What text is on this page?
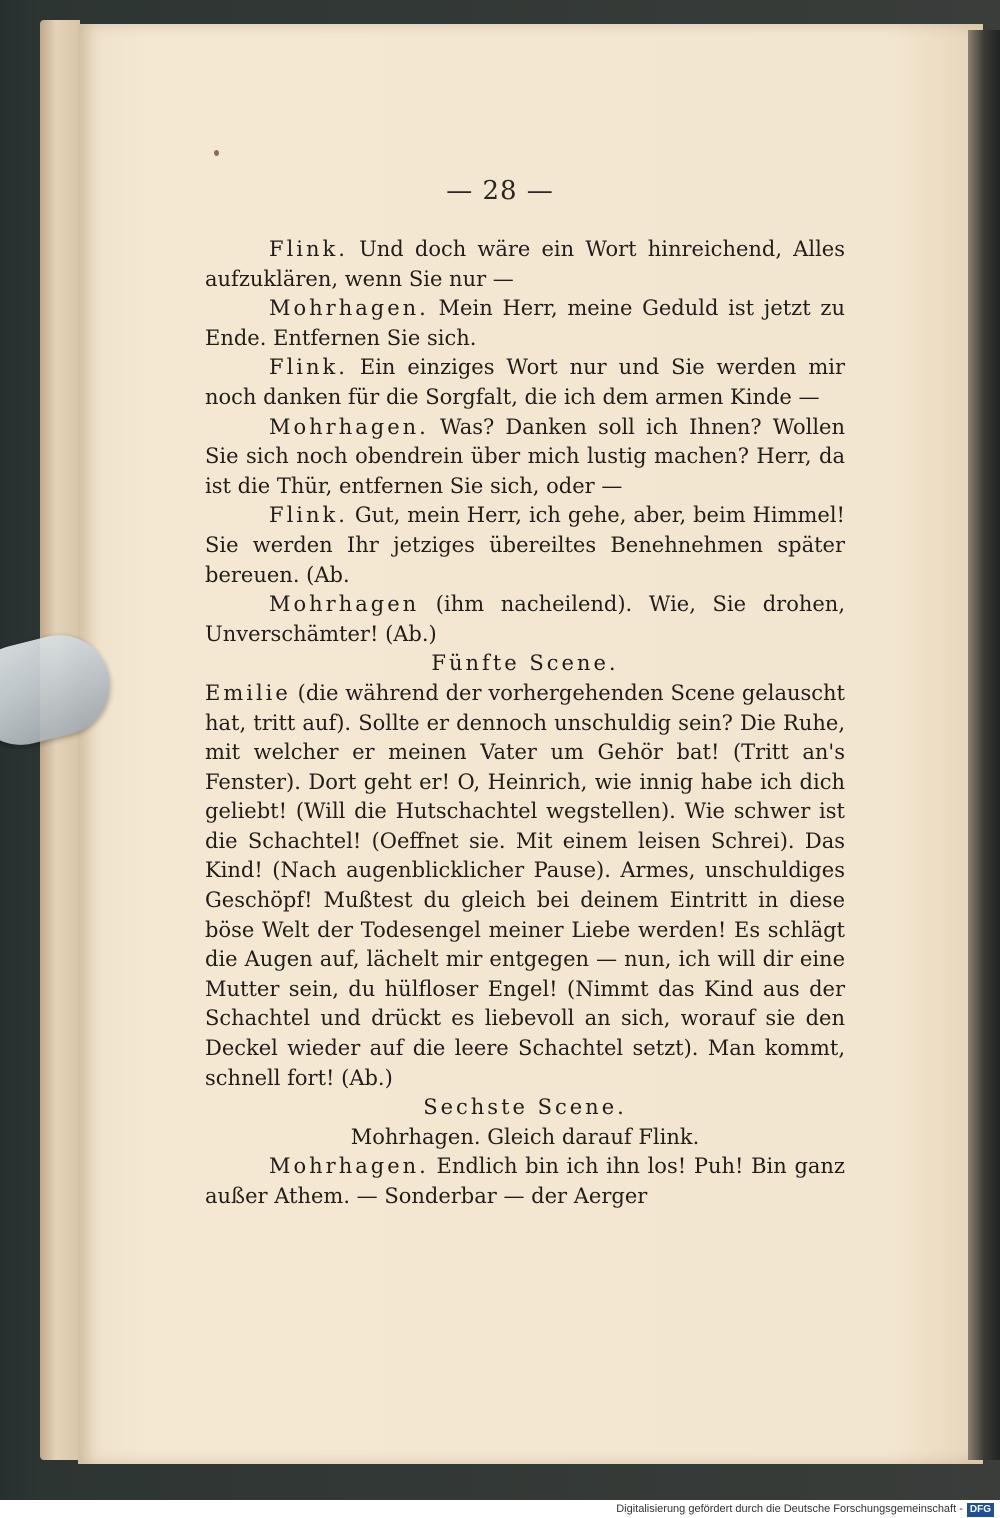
— 28 —

Flink. Und doch wäre ein Wort hinreichend, Alles aufzuklären, wenn Sie nur —

Mohrhagen. Mein Herr, meine Geduld ist jetzt zu Ende. Entfernen Sie sich.

Flink. Ein einziges Wort nur und Sie werden mir noch danken für die Sorgfalt, die ich dem armen Kinde —

Mohrhagen. Was? Danken soll ich Ihnen? Wollen Sie sich noch obendrein über mich lustig machen? Herr, da ist die Thür, entfernen Sie sich, oder —

Flink. Gut, mein Herr, ich gehe, aber, beim Himmel! Sie werden Ihr jetziges übereiltes Benehnehmen später bereuen. (Ab.

Mohrhagen (ihm nacheilend). Wie, Sie drohen, Unverschämter! (Ab.)

Fünfte Scene.

Emilie (die während der vorhergehenden Scene gelauscht hat, tritt auf). Sollte er dennoch unschuldig sein? Die Ruhe, mit welcher er meinen Vater um Gehör bat! (Tritt an's Fenster). Dort geht er! O, Heinrich, wie innig habe ich dich geliebt! (Will die Hutschachtel wegstellen). Wie schwer ist die Schachtel! (Oeffnet sie. Mit einem leisen Schrei). Das Kind! (Nach augenblicklicher Pause). Armes, unschuldiges Geschöpf! Mußtest du gleich bei deinem Eintritt in diese böse Welt der Todesengel meiner Liebe werden! Es schlägt die Augen auf, lächelt mir entgegen — nun, ich will dir eine Mutter sein, du hülfloser Engel! (Nimmt das Kind aus der Schachtel und drückt es liebevoll an sich, worauf sie den Deckel wieder auf die leere Schachtel setzt). Man kommt, schnell fort! (Ab.)

Sechste Scene.

Mohrhagen. Gleich darauf Flink.

Mohrhagen. Endlich bin ich ihn los! Puh! Bin ganz außer Athem. — Sonderbar — der Aerger

Digitalisierung gefördert durch die Deutsche Forschungsgemeinschaft - DFG
